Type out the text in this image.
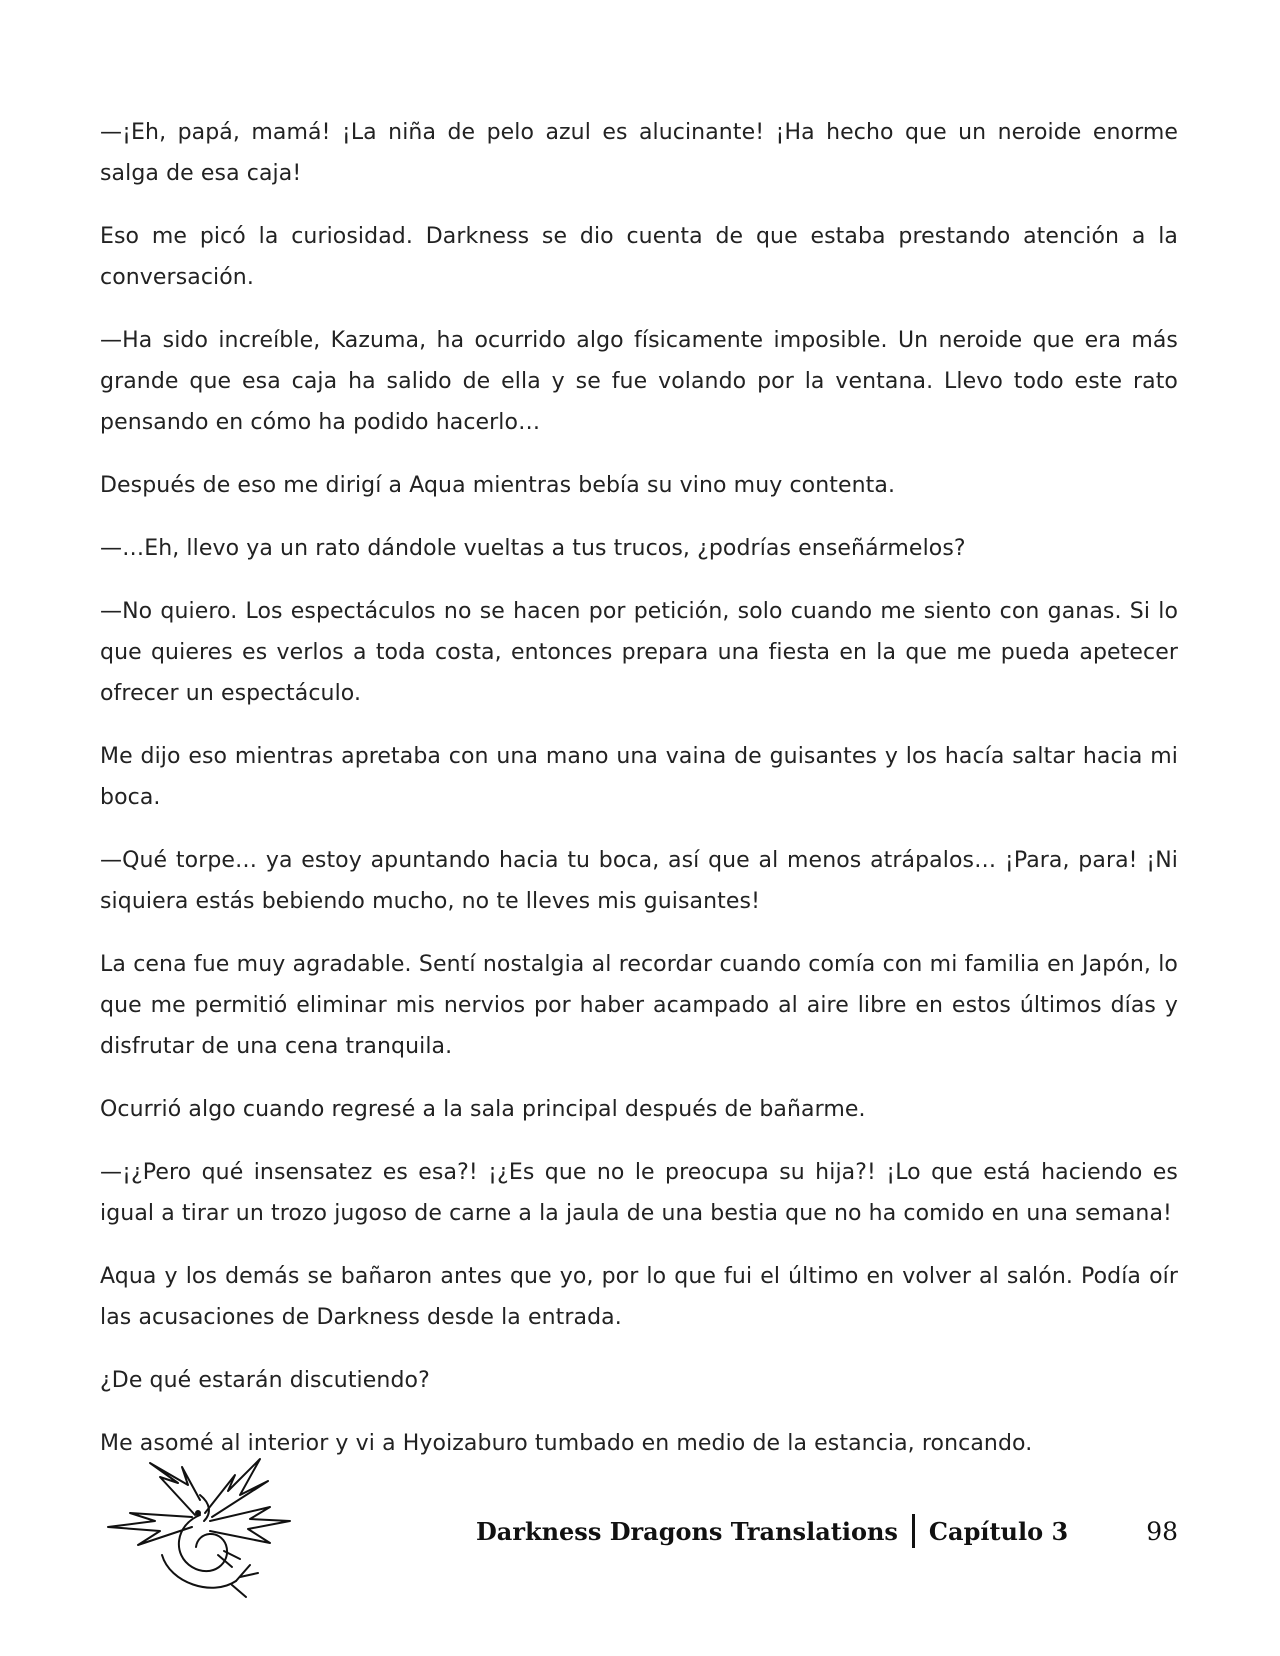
—¡Eh, papá, mamá! ¡La niña de pelo azul es alucinante! ¡Ha hecho que un neroide enorme salga de esa caja!

Eso me picó la curiosidad. Darkness se dio cuenta de que estaba prestando atención a la conversación.

—Ha sido increíble, Kazuma, ha ocurrido algo físicamente imposible. Un neroide que era más grande que esa caja ha salido de ella y se fue volando por la ventana. Llevo todo este rato pensando en cómo ha podido hacerlo…

Después de eso me dirigí a Aqua mientras bebía su vino muy contenta.

—…Eh, llevo ya un rato dándole vueltas a tus trucos, ¿podrías enseñármelos?

—No quiero. Los espectáculos no se hacen por petición, solo cuando me siento con ganas. Si lo que quieres es verlos a toda costa, entonces prepara una fiesta en la que me pueda apetecer ofrecer un espectáculo.

Me dijo eso mientras apretaba con una mano una vaina de guisantes y los hacía saltar hacia mi boca.

—Qué torpe… ya estoy apuntando hacia tu boca, así que al menos atrápalos… ¡Para, para! ¡Ni siquiera estás bebiendo mucho, no te lleves mis guisantes!

La cena fue muy agradable. Sentí nostalgia al recordar cuando comía con mi familia en Japón, lo que me permitió eliminar mis nervios por haber acampado al aire libre en estos últimos días y disfrutar de una cena tranquila.

Ocurrió algo cuando regresé a la sala principal después de bañarme.

—¡¿Pero qué insensatez es esa?! ¡¿Es que no le preocupa su hija?! ¡Lo que está haciendo es igual a tirar un trozo jugoso de carne a la jaula de una bestia que no ha comido en una semana!

Aqua y los demás se bañaron antes que yo, por lo que fui el último en volver al salón. Podía oír las acusaciones de Darkness desde la entrada.

¿De qué estarán discutiendo?

Me asomé al interior y vi a Hyoizaburo tumbado en medio de la estancia, roncando.

Darkness Dragons Translations Capítulo 3	98
